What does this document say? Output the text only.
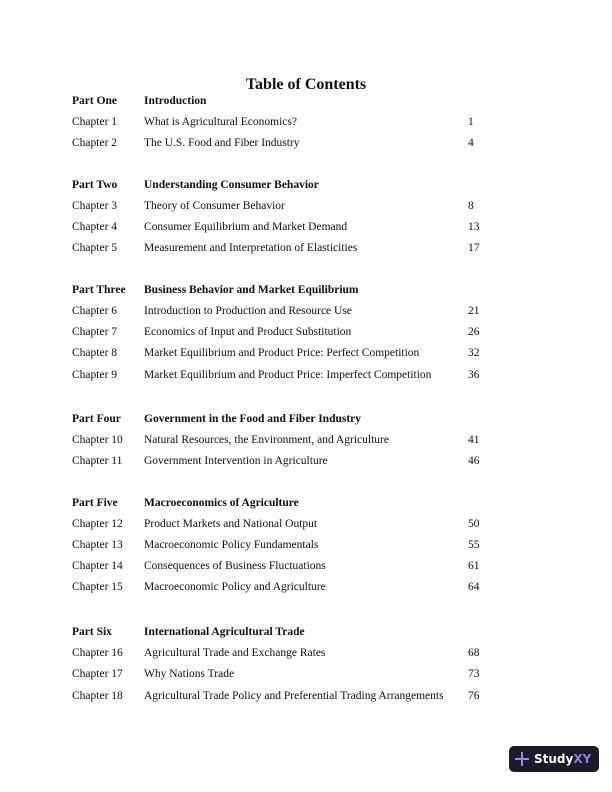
Table of Contents
Part One Introduction
Chapter 1 What is Agricultural Economics?	1
Chapter 2 The U.S. Food and Fiber Industry	4
Part Two Understanding Consumer Behavior
Chapter 3 Theory of Consumer Behavior	8
Chapter 4 Consumer Equilibrium and Market Demand	13
Chapter 5 Measurement and Interpretation of Elasticities	17
Part Three Business Behavior and Market Equilibrium
Chapter 6 Introduction to Production and Resource Use	21
Chapter 7 Economics of Input and Product Substitution	26
Chapter 8 Market Equilibrium and Product Price: Perfect Competition	32
Chapter 9 Market Equilibrium and Product Price: Imperfect Competition	36
Part Four Government in the Food and Fiber Industry
Chapter 10 Natural Resources, the Environment, and Agriculture	41
Chapter 11 Government Intervention in Agriculture	46
Part Five Macroeconomics of Agriculture
Chapter 12 Product Markets and National Output	50
Chapter 13 Macroeconomic Policy Fundamentals	55
Chapter 14 Consequences of Business Fluctuations	61
Chapter 15 Macroeconomic Policy and Agriculture	64
Part Six	International Agricultural Trade
Chapter 16 Agricultural Trade and Exchange Rates	68
Chapter 17 Why Nations Trade	73
Chapter 18 Agricultural Trade Policy and Preferential Trading Arrangements 76
Study XY
